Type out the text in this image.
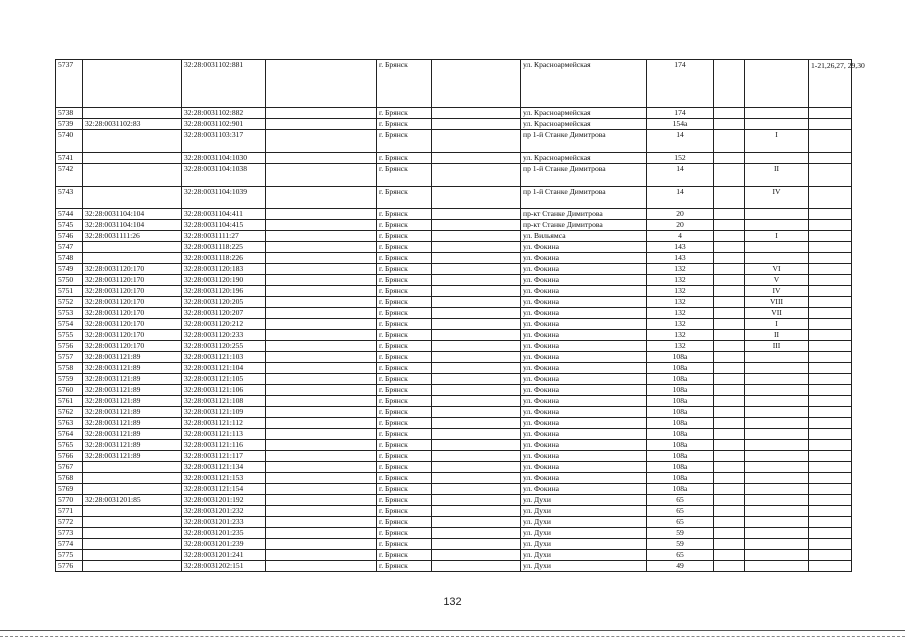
5737		32:28:0031102:881		г. Брянск		ул. Красноармейская	174			1-21,26,27, 29,30
5738		32:28:0031102:882		г. Брянск		ул. Красноармейская	174			
5739	32:28:0031102:83	32:28:0031102:901		г. Брянск		ул. Красноармейская	154а			
5740		32:28:0031103:317		г. Брянск		пр 1-й Станке Димитрова	14		I	
5741		32:28:0031104:1030		г. Брянск		ул. Красноармейская	152			
5742		32:28:0031104:1038		г. Брянск		пр 1-й Станке Димитрова	14		II	
5743		32:28:0031104:1039		г. Брянск		пр 1-й Станке Димитрова	14		IV	
5744	32:28:0031104:104	32:28:0031104:411		г. Брянск		пр-кт Станке Димитрова	20			
5745	32:28:0031104:104	32:28:0031104:415		г. Брянск		пр-кт Станке Димитрова	20			
5746	32:28:0031111:26	32:28:0031111:27		г. Брянск		ул. Вильямса	4		I	
5747		32:28:0031118:225		г. Брянск		ул. Фокина	143			
5748		32:28:0031118:226		г. Брянск		ул. Фокина	143			
5749	32:28:0031120:170	32:28:0031120:183		г. Брянск		ул. Фокина	132		VI	
5750	32:28:0031120:170	32:28:0031120:190		г. Брянск		ул. Фокина	132		V	
5751	32:28:0031120:170	32:28:0031120:196		г. Брянск		ул. Фокина	132		IV	
5752	32:28:0031120:170	32:28:0031120:205		г. Брянск		ул. Фокина	132		VIII	
5753	32:28:0031120:170	32:28:0031120:207		г. Брянск		ул. Фокина	132		VII	
5754	32:28:0031120:170	32:28:0031120:212		г. Брянск		ул. Фокина	132		I	
5755	32:28:0031120:170	32:28:0031120:233		г. Брянск		ул. Фокина	132		II	
5756	32:28:0031120:170	32:28:0031120:255		г. Брянск		ул. Фокина	132		III	
5757	32:28:0031121:89	32:28:0031121:103		г. Брянск		ул. Фокина	108а			
5758	32:28:0031121:89	32:28:0031121:104		г. Брянск		ул. Фокина	108а			
5759	32:28:0031121:89	32:28:0031121:105		г. Брянск		ул. Фокина	108а			
5760	32:28:0031121:89	32:28:0031121:106		г. Брянск		ул. Фокина	108а			
5761	32:28:0031121:89	32:28:0031121:108		г. Брянск		ул. Фокина	108а			
5762	32:28:0031121:89	32:28:0031121:109		г. Брянск		ул. Фокина	108а			
5763	32:28:0031121:89	32:28:0031121:112		г. Брянск		ул. Фокина	108а			
5764	32:28:0031121:89	32:28:0031121:113		г. Брянск		ул. Фокина	108а			
5765	32:28:0031121:89	32:28:0031121:116		г. Брянск		ул. Фокина	108а			
5766	32:28:0031121:89	32:28:0031121:117		г. Брянск		ул. Фокина	108а			
5767		32:28:0031121:134		г. Брянск		ул. Фокина	108а			
5768		32:28:0031121:153		г. Брянск		ул. Фокина	108а			
5769		32:28:0031121:154		г. Брянск		ул. Фокина	108а			
5770	32:28:0031201:85	32:28:0031201:192		г. Брянск		ул. Духи	65			
5771		32:28:0031201:232		г. Брянск		ул. Духи	65			
5772		32:28:0031201:233		г. Брянск		ул. Духи	65			
5773		32:28:0031201:235		г. Брянск		ул. Духи	59			
5774		32:28:0031201:239		г. Брянск		ул. Духи	59			
5775		32:28:0031201:241		г. Брянск		ул. Духи	65			
5776		32:28:0031202:151		г. Брянск		ул. Духи	49			
132
